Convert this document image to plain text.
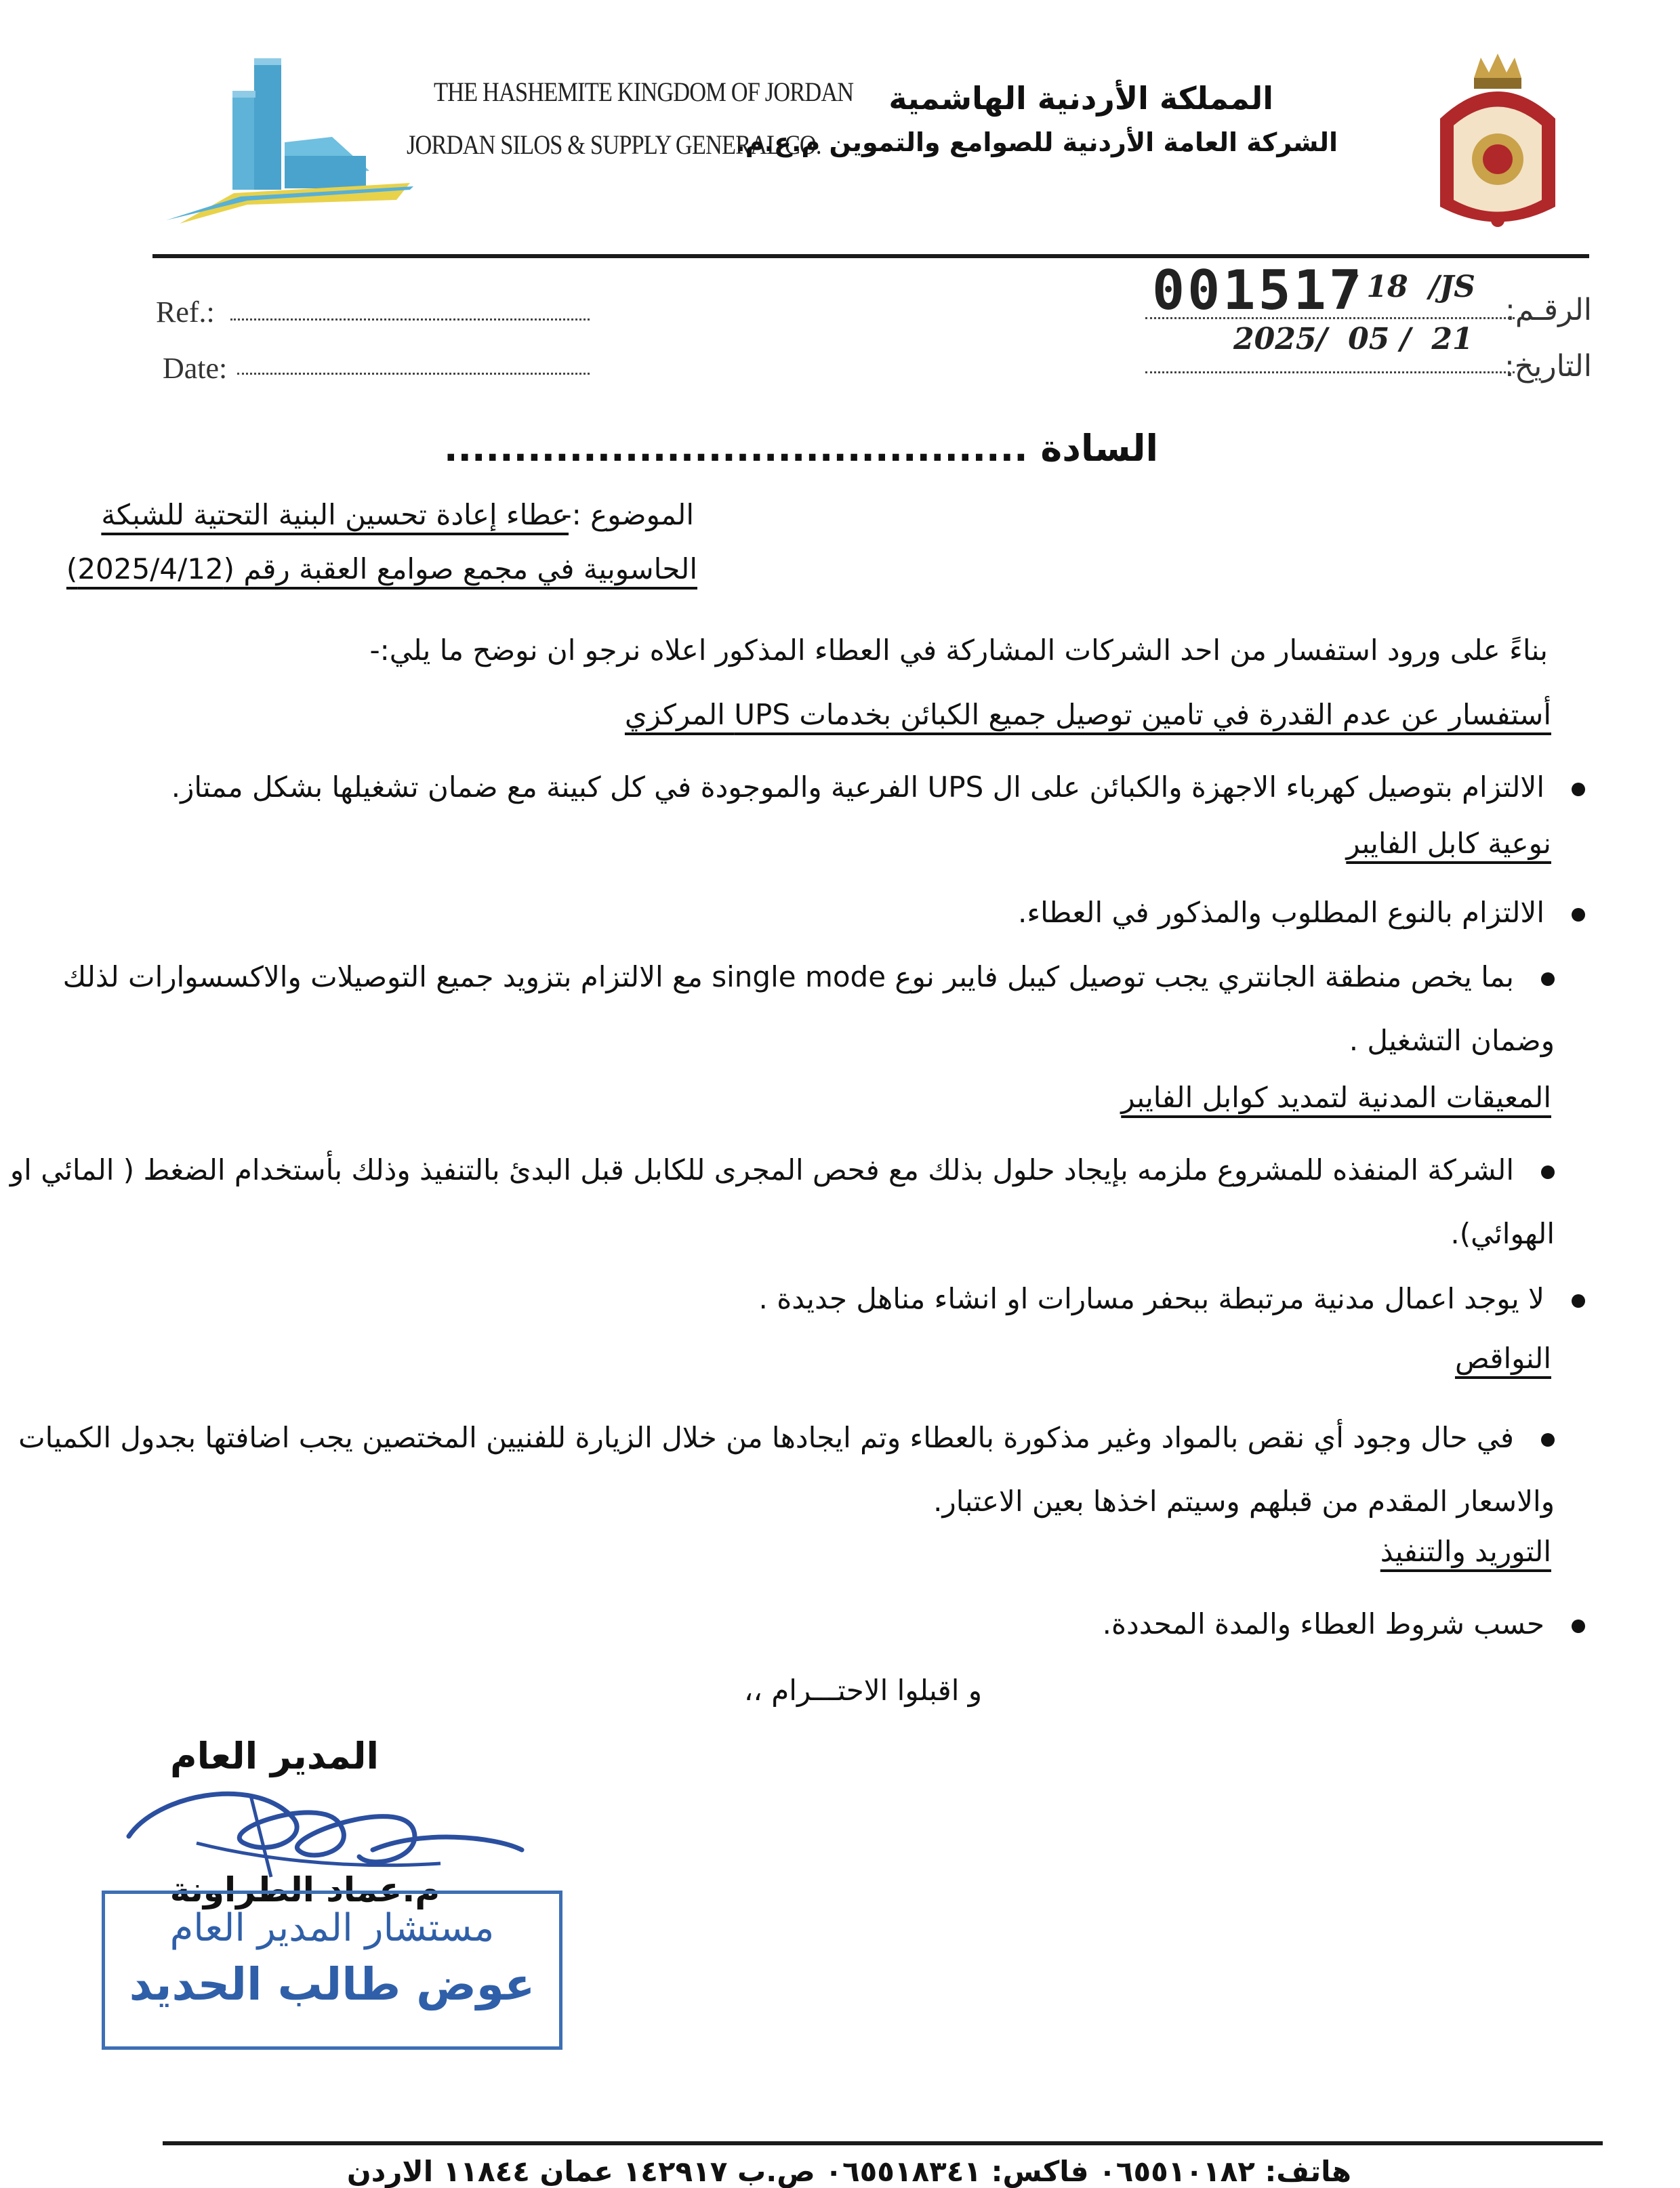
THE HASHEMITE KINGDOM OF JORDAN
JORDAN SILOS & SUPPLY GENERAL CO.
المملكة الأردنية الهاشمية
الشركة العامة الأردنية للصوامع والتموين م.ع.م.
Ref.:
Date:
الرقـم:
التاريخ:
001517
/ 18  /JS
2025/  05 /  21
السادة ..........................................
الموضوع :-
عطاء إعادة تحسين البنية التحتية للشبكة
الحاسوبية في مجمع صوامع العقبة رقم (2025/4/12)
بناءً على ورود استفسار من احد الشركات المشاركة في العطاء المذكور اعلاه نرجو ان نوضح ما يلي:-
أستفسار عن عدم القدرة في تامين توصيل جميع الكبائن بخدمات UPS المركزي
الالتزام بتوصيل كهرباء الاجهزة والكبائن على ال UPS الفرعية والموجودة في كل كبينة مع ضمان تشغيلها بشكل ممتاز.
نوعية كابل الفايبر
الالتزام بالنوع المطلوب والمذكور في العطاء.
بما يخص منطقة الجانتري يجب توصيل كيبل فايبر نوع single mode مع الالتزام بتزويد جميع التوصيلات والاكسسوارات لذلك وضمان التشغيل .
المعيقات المدنية لتمديد كوابل الفايبر
الشركة المنفذه للمشروع ملزمه بإيجاد حلول بذلك مع فحص المجرى للكابل قبل البدئ بالتنفيذ وذلك بأستخدام الضغط ( المائي او الهوائي).
لا يوجد اعمال مدنية مرتبطة ببحفر مسارات او انشاء مناهل جديدة .
النواقص
في حال وجود أي نقص بالمواد وغير مذكورة بالعطاء وتم ايجادها من خلال الزيارة للفنيين المختصين يجب اضافتها بجدول الكميات والاسعار المقدم من قبلهم وسيتم اخذها بعين الاعتبار.
التوريد والتنفيذ
حسب شروط العطاء والمدة المحددة.
و اقبلوا الاحتـــرام ،،
المدير العام
م.عماد الطراونة
مستشار المدير العام
عوض طالب الحديد
هاتف: ٠٦٥٥١٠١٨٢ فاكس: ٠٦٥٥١٨٣٤١ ص.ب ١٤٢٩١٧ عمان ١١٨٤٤ الاردن
